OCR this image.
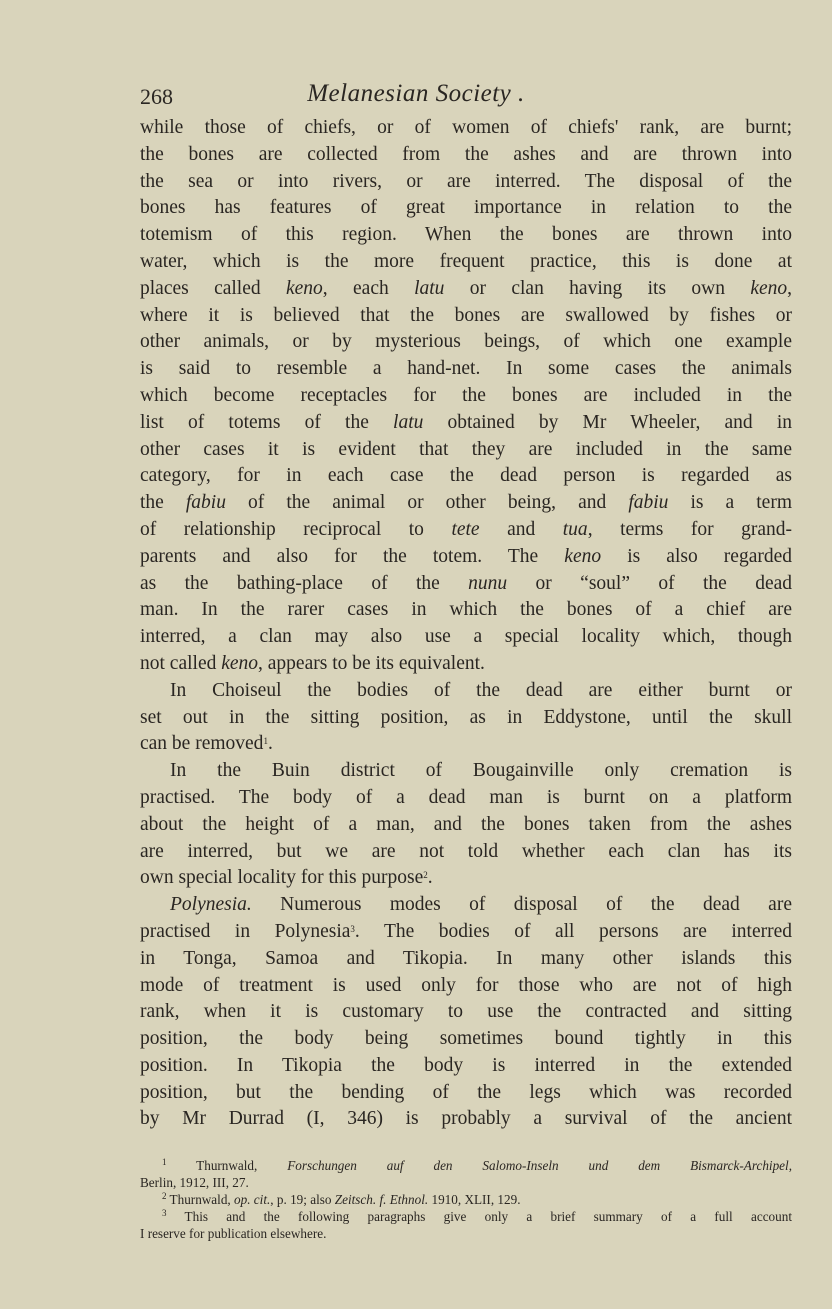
268	Melanesian Society .
while those of chiefs, or of women of chiefs' rank, are burnt;
the bones are collected from the ashes and are thrown into
the sea or into rivers, or are interred. The disposal of the
bones has features of great importance in relation to the
totemism of this region. When the bones are thrown into
water, which is the more frequent practice, this is done at
places called keno, each latu or clan having its own keno,
where it is believed that the bones are swallowed by fishes or
other animals, or by mysterious beings, of which one example
is said to resemble a hand-net. In some cases the animals
which become receptacles for the bones are included in the
list of totems of the latu obtained by Mr Wheeler, and in
other cases it is evident that they are included in the same
category, for in each case the dead person is regarded as
the fabiu of the animal or other being, and fabiu is a term
of relationship reciprocal to tete and tua, terms for grand-
parents and also for the totem. The keno is also regarded
as the bathing-place of the nunu or “soul” of the dead
man. In the rarer cases in which the bones of a chief are
interred, a clan may also use a special locality which, though
not called keno, appears to be its equivalent.
In Choiseul the bodies of the dead are either burnt or
set out in the sitting position, as in Eddystone, until the skull
can be removed$^1$.
In the Buin district of Bougainville only cremation is
practised. The body of a dead man is burnt on a platform
about the height of a man, and the bones taken from the ashes
are interred, but we are not told whether each clan has its
own special locality for this purpose$^2$.
Polynesia. Numerous modes of disposal of the dead are
practised in Polynesia$^3$. The bodies of all persons are interred
in Tonga, Samoa and Tikopia. In many other islands this
mode of treatment is used only for those who are not of high
rank, when it is customary to use the contracted and sitting
position, the body being sometimes bound tightly in this
position. In Tikopia the body is interred in the extended
position, but the bending of the legs which was recorded
by Mr Durrad (I, 346) is probably a survival of the ancient
$^1$ Thurnwald, Forschungen auf den Salomo-Inseln und dem Bismarck-Archipel,
Berlin, 1912, III, 27.
$^2$ Thurnwald, op. cit., p. 19; also Zeitsch. f. Ethnol. 1910, XLII, 129.
$^3$ This and the following paragraphs give only a brief summary of a full account
I reserve for publication elsewhere.
